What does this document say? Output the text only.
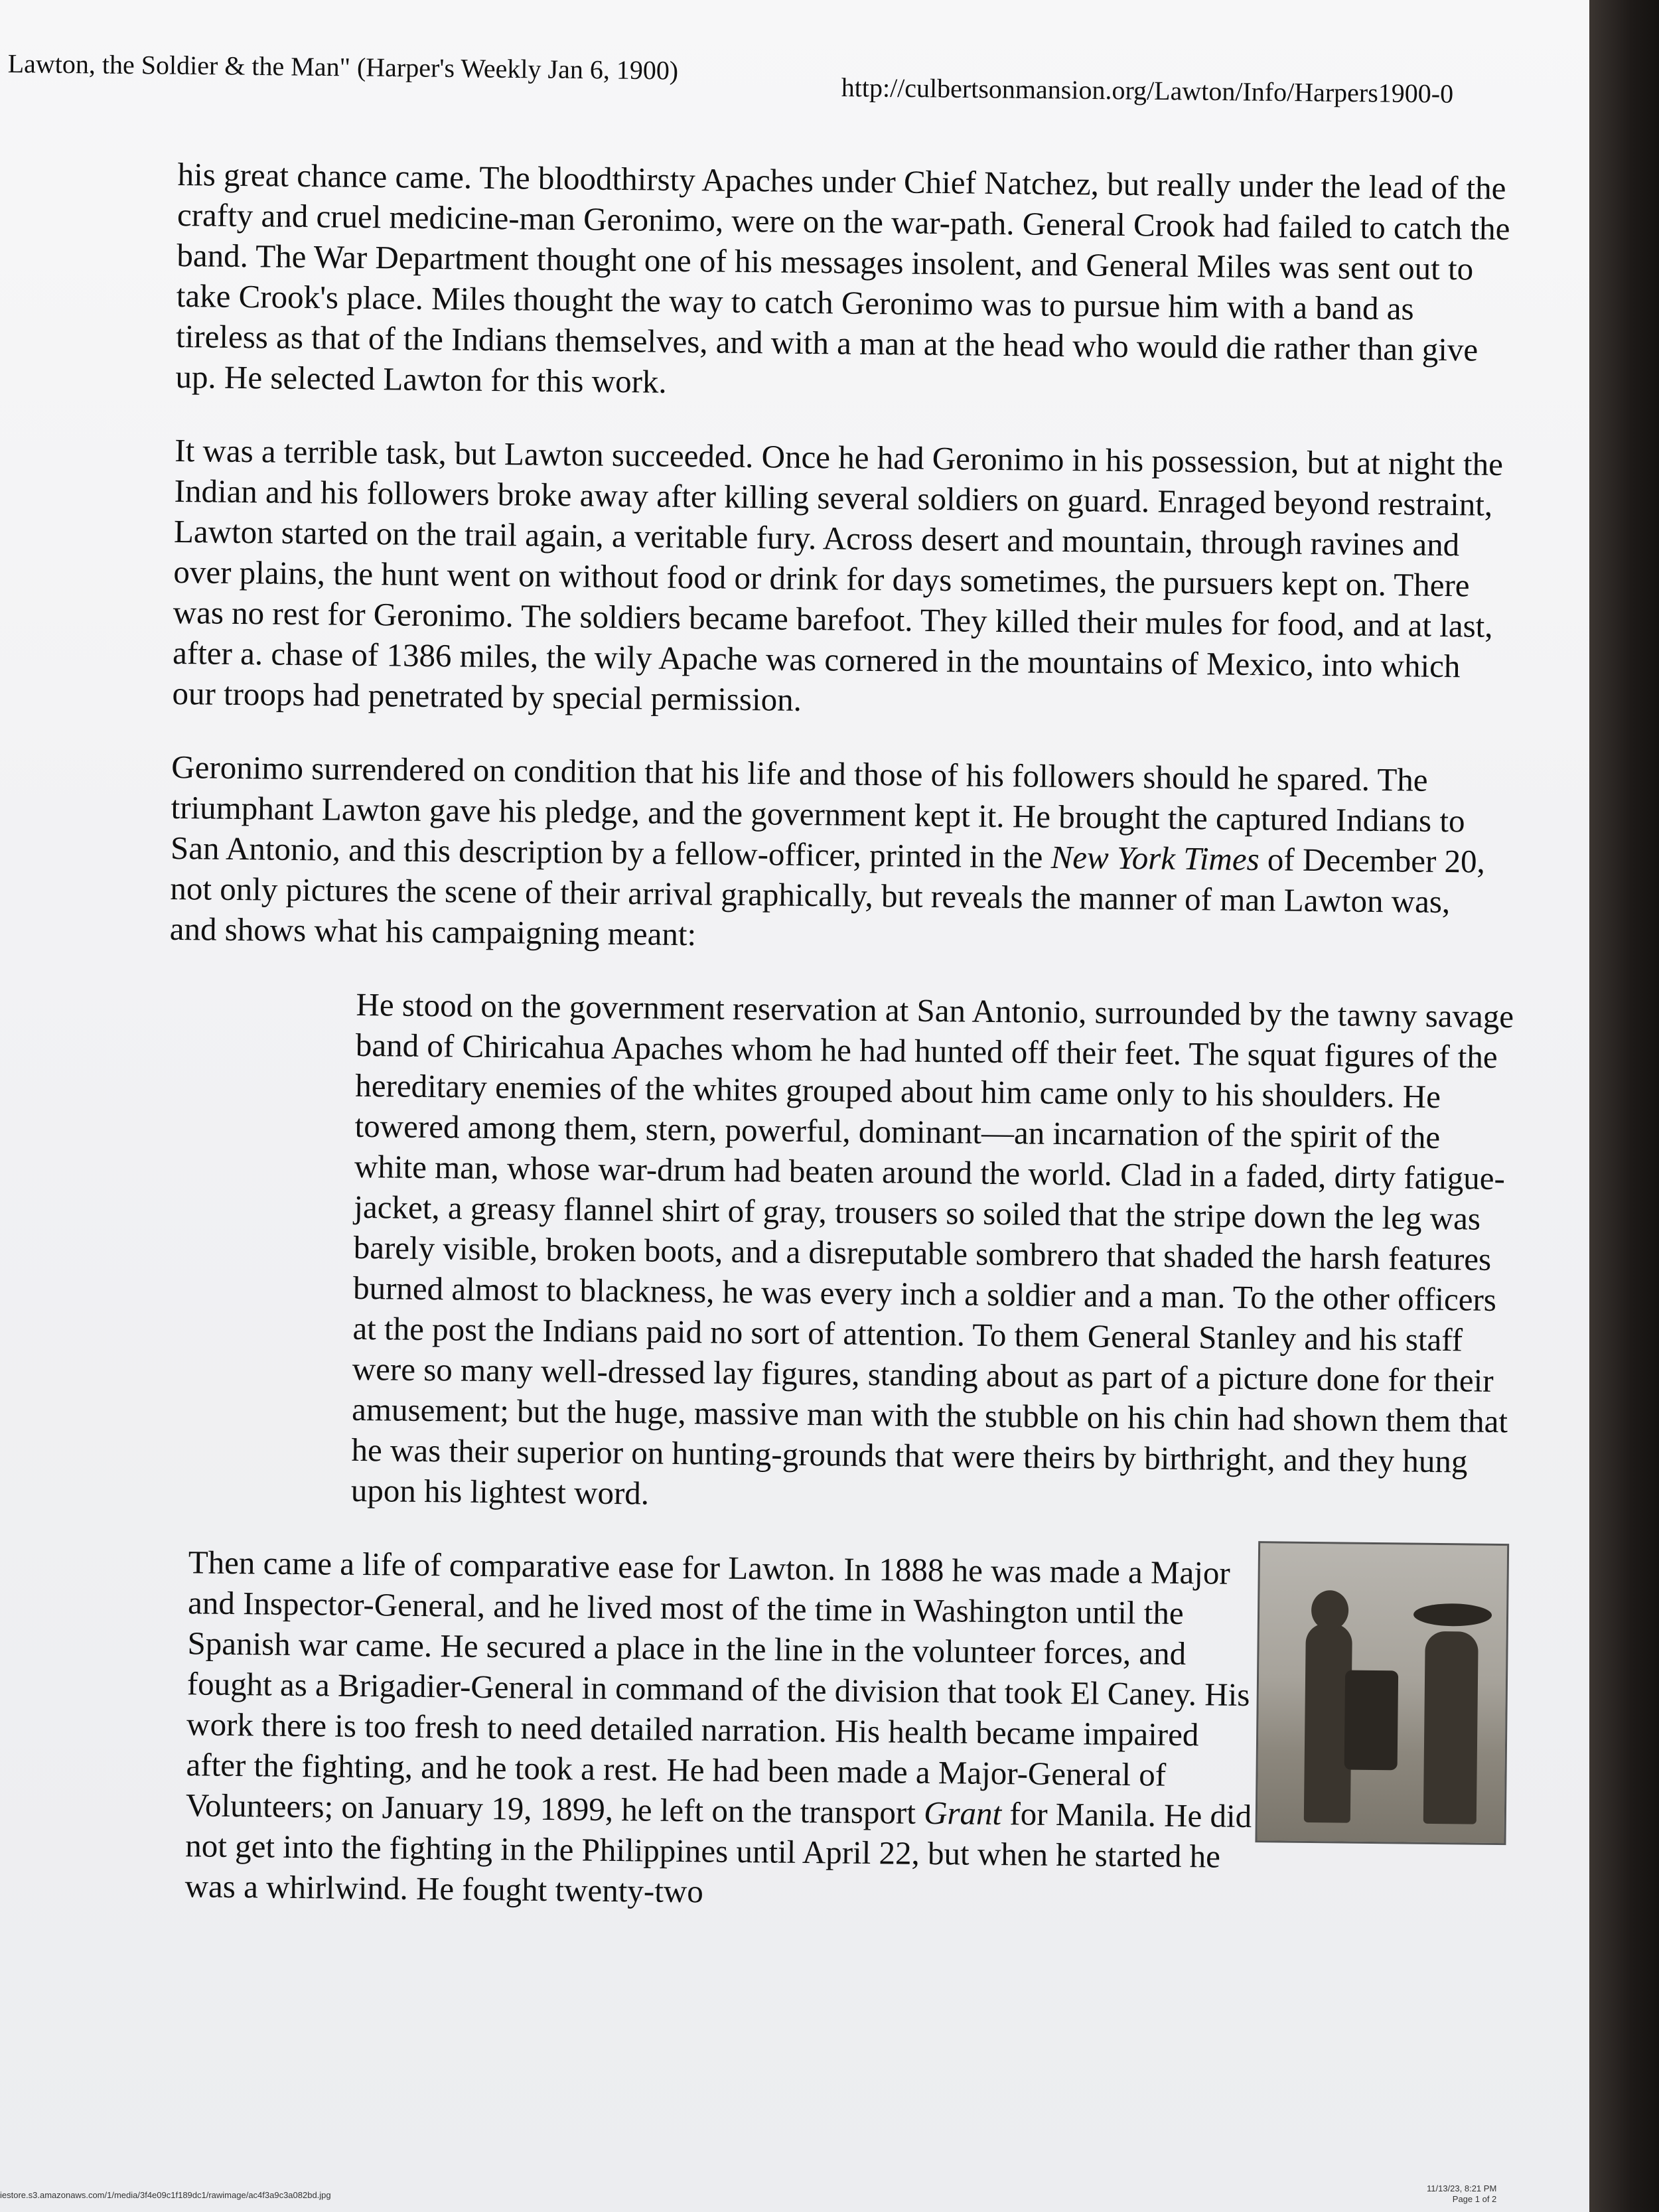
Lawton, the Soldier & the Man" (Harper's Weekly Jan 6, 1900)
http://culbertsonmansion.org/Lawton/Info/Harpers1900-0

his great chance came. The bloodthirsty Apaches under Chief Natchez, but really under the lead of the crafty and cruel medicine-man Geronimo, were on the war-path. General Crook had failed to catch the band. The War Department thought one of his messages insolent, and General Miles was sent out to take Crook's place. Miles thought the way to catch Geronimo was to pursue him with a band as tireless as that of the Indians themselves, and with a man at the head who would die rather than give up. He selected Lawton for this work.

It was a terrible task, but Lawton succeeded. Once he had Geronimo in his possession, but at night the Indian and his followers broke away after killing several soldiers on guard. Enraged beyond restraint, Lawton started on the trail again, a veritable fury. Across desert and mountain, through ravines and over plains, the hunt went on without food or drink for days sometimes, the pursuers kept on. There was no rest for Geronimo. The soldiers became barefoot. They killed their mules for food, and at last, after a. chase of 1386 miles, the wily Apache was cornered in the mountains of Mexico, into which our troops had penetrated by special permission.

Geronimo surrendered on condition that his life and those of his followers should he spared. The triumphant Lawton gave his pledge, and the government kept it. He brought the captured Indians to San Antonio, and this description by a fellow-officer, printed in the New York Times of December 20, not only pictures the scene of their arrival graphically, but reveals the manner of man Lawton was, and shows what his campaigning meant:

He stood on the government reservation at San Antonio, surrounded by the tawny savage band of Chiricahua Apaches whom he had hunted off their feet. The squat figures of the hereditary enemies of the whites grouped about him came only to his shoulders. He towered among them, stern, powerful, dominant—an incarnation of the spirit of the white man, whose war-drum had beaten around the world. Clad in a faded, dirty fatigue-jacket, a greasy flannel shirt of gray, trousers so soiled that the stripe down the leg was barely visible, broken boots, and a disreputable sombrero that shaded the harsh features burned almost to blackness, he was every inch a soldier and a man. To the other officers at the post the Indians paid no sort of attention. To them General Stanley and his staff were so many well-dressed lay figures, standing about as part of a picture done for their amusement; but the huge, massive man with the stubble on his chin had shown them that he was their superior on hunting-grounds that were theirs by birthright, and they hung upon his lightest word.

Then came a life of comparative ease for Lawton. In 1888 he was made a Major and Inspector-General, and he lived most of the time in Washington until the Spanish war came. He secured a place in the line in the volunteer forces, and fought as a Brigadier-General in command of the division that took El Caney. His work there is too fresh to need detailed narration. His health became impaired after the fighting, and he took a rest. He had been made a Major-General of Volunteers; on January 19, 1899, he left on the transport Grant for Manila. He did not get into the fighting in the Philippines until April 22, but when he started he was a whirlwind. He fought twenty-two

iestore.s3.amazonaws.com/1/media/3f4e09c1f189dc1/rawimage/ac4f3a9c3a082bd.jpg
11/13/23, 8:21 PM
Page 1 of 2
